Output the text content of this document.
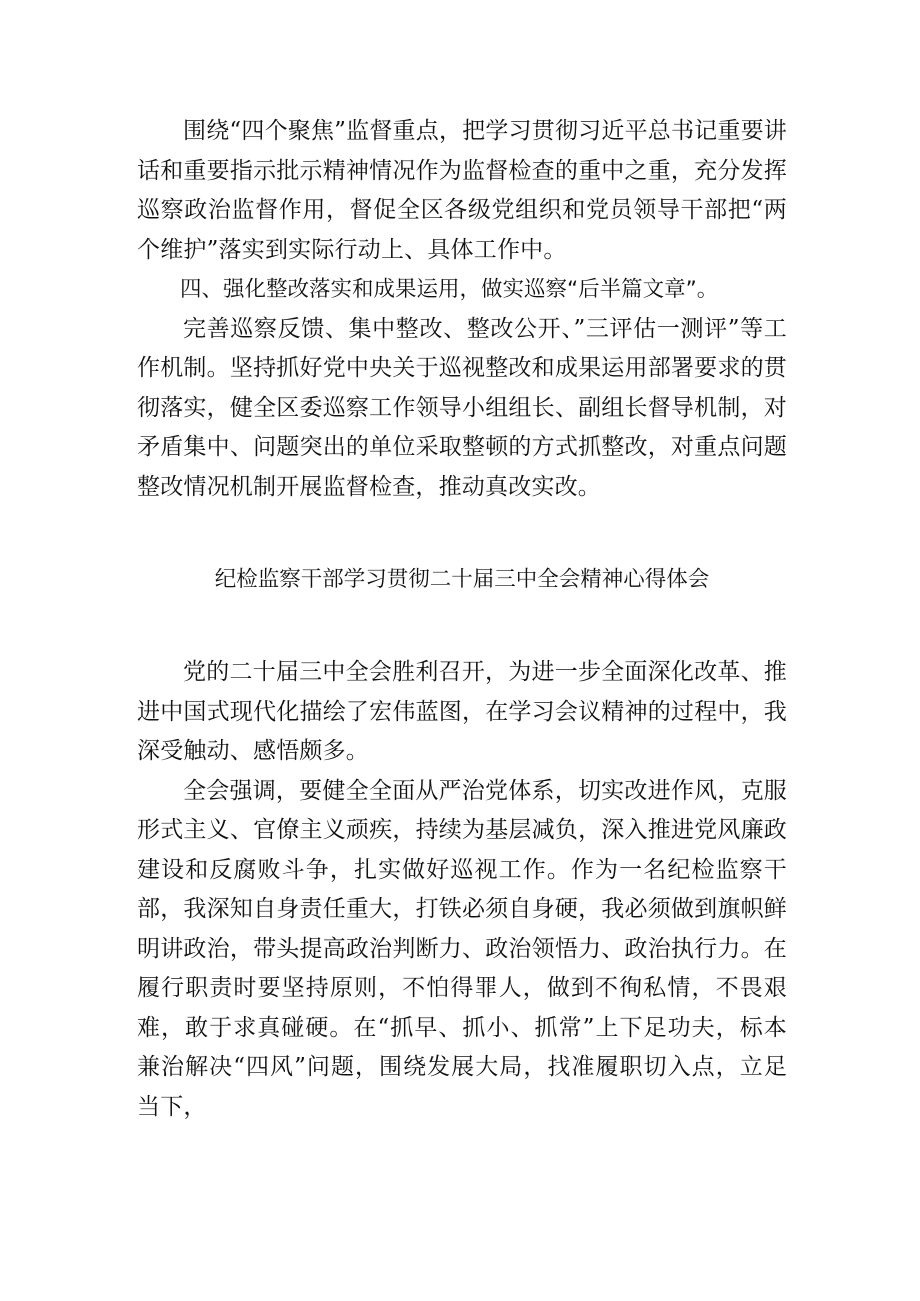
围绕“四个聚焦”监督重点，把学习贯彻习近平总书记重要讲话和重要指示批示精神情况作为监督检查的重中之重，充分发挥巡察政治监督作用，督促全区各级党组织和党员领导干部把“两个维护”落实到实际行动上、具体工作中。

四、强化整改落实和成果运用，做实巡察“后半篇文章”。

完善巡察反馈、集中整改、整改公开、”三评估一测评”等工作机制。坚持抓好党中央关于巡视整改和成果运用部署要求的贯彻落实，健全区委巡察工作领导小组组长、副组长督导机制，对矛盾集中、问题突出的单位采取整顿的方式抓整改，对重点问题整改情况机制开展监督检查，推动真改实改。

纪检监察干部学习贯彻二十届三中全会精神心得体会

党的二十届三中全会胜利召开，为进一步全面深化改革、推进中国式现代化描绘了宏伟蓝图，在学习会议精神的过程中，我深受触动、感悟颇多。

全会强调，要健全全面从严治党体系，切实改进作风，克服形式主义、官僚主义顽疾，持续为基层减负，深入推进党风廉政建设和反腐败斗争，扎实做好巡视工作。作为一名纪检监察干部，我深知自身责任重大，打铁必须自身硬，我必须做到旗帜鲜明讲政治，带头提高政治判断力、政治领悟力、政治执行力。在履行职责时要坚持原则，不怕得罪人，做到不徇私情，不畏艰难，敢于求真碰硬。在“抓早、抓小、抓常”上下足功夫，标本兼治解决“四风”问题，围绕发展大局，找准履职切入点，立足当下，
